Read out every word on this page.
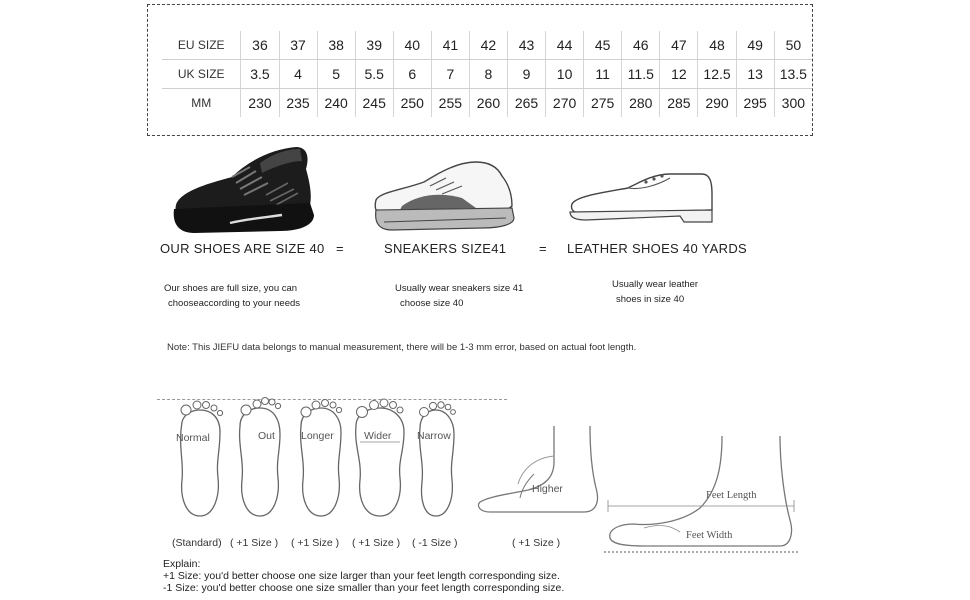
EU SIZE	36	37	38	39	40	41	42	43	44	45	46	47	48	49	50
UK SIZE	3.5	4	5	5.5	6	7	8	9	10	11	11.5	12	12.5	13	13.5
MM	230	235	240	245	250	255	260	265	270	275	280	285	290	295	300
OUR SHOES ARE SIZE 40 =	SNEAKERS SIZE41	= LEATHER SHOES 40 YARDS
Our shoes are full size, you can
chooseaccording to your needs
Usually wear sneakers size 41
choose size 40
Usually wear leather
shoes in size 40
Note: This JIEFU data belongs to manual measurement, there will be 1-3 mm error, based on actual foot length.
Normal	Out Longer	Wider Narrow
Higher
Feet Length
Feet Width
(Standard) ( +1 Size ) ( +1 Size ) ( +1 Size ) ( -1 Size )	( +1 Size )
Explain:
+1 Size: you'd better choose one size larger than your feet length corresponding size.
-1 Size: you'd better choose one size smaller than your feet length corresponding size.
